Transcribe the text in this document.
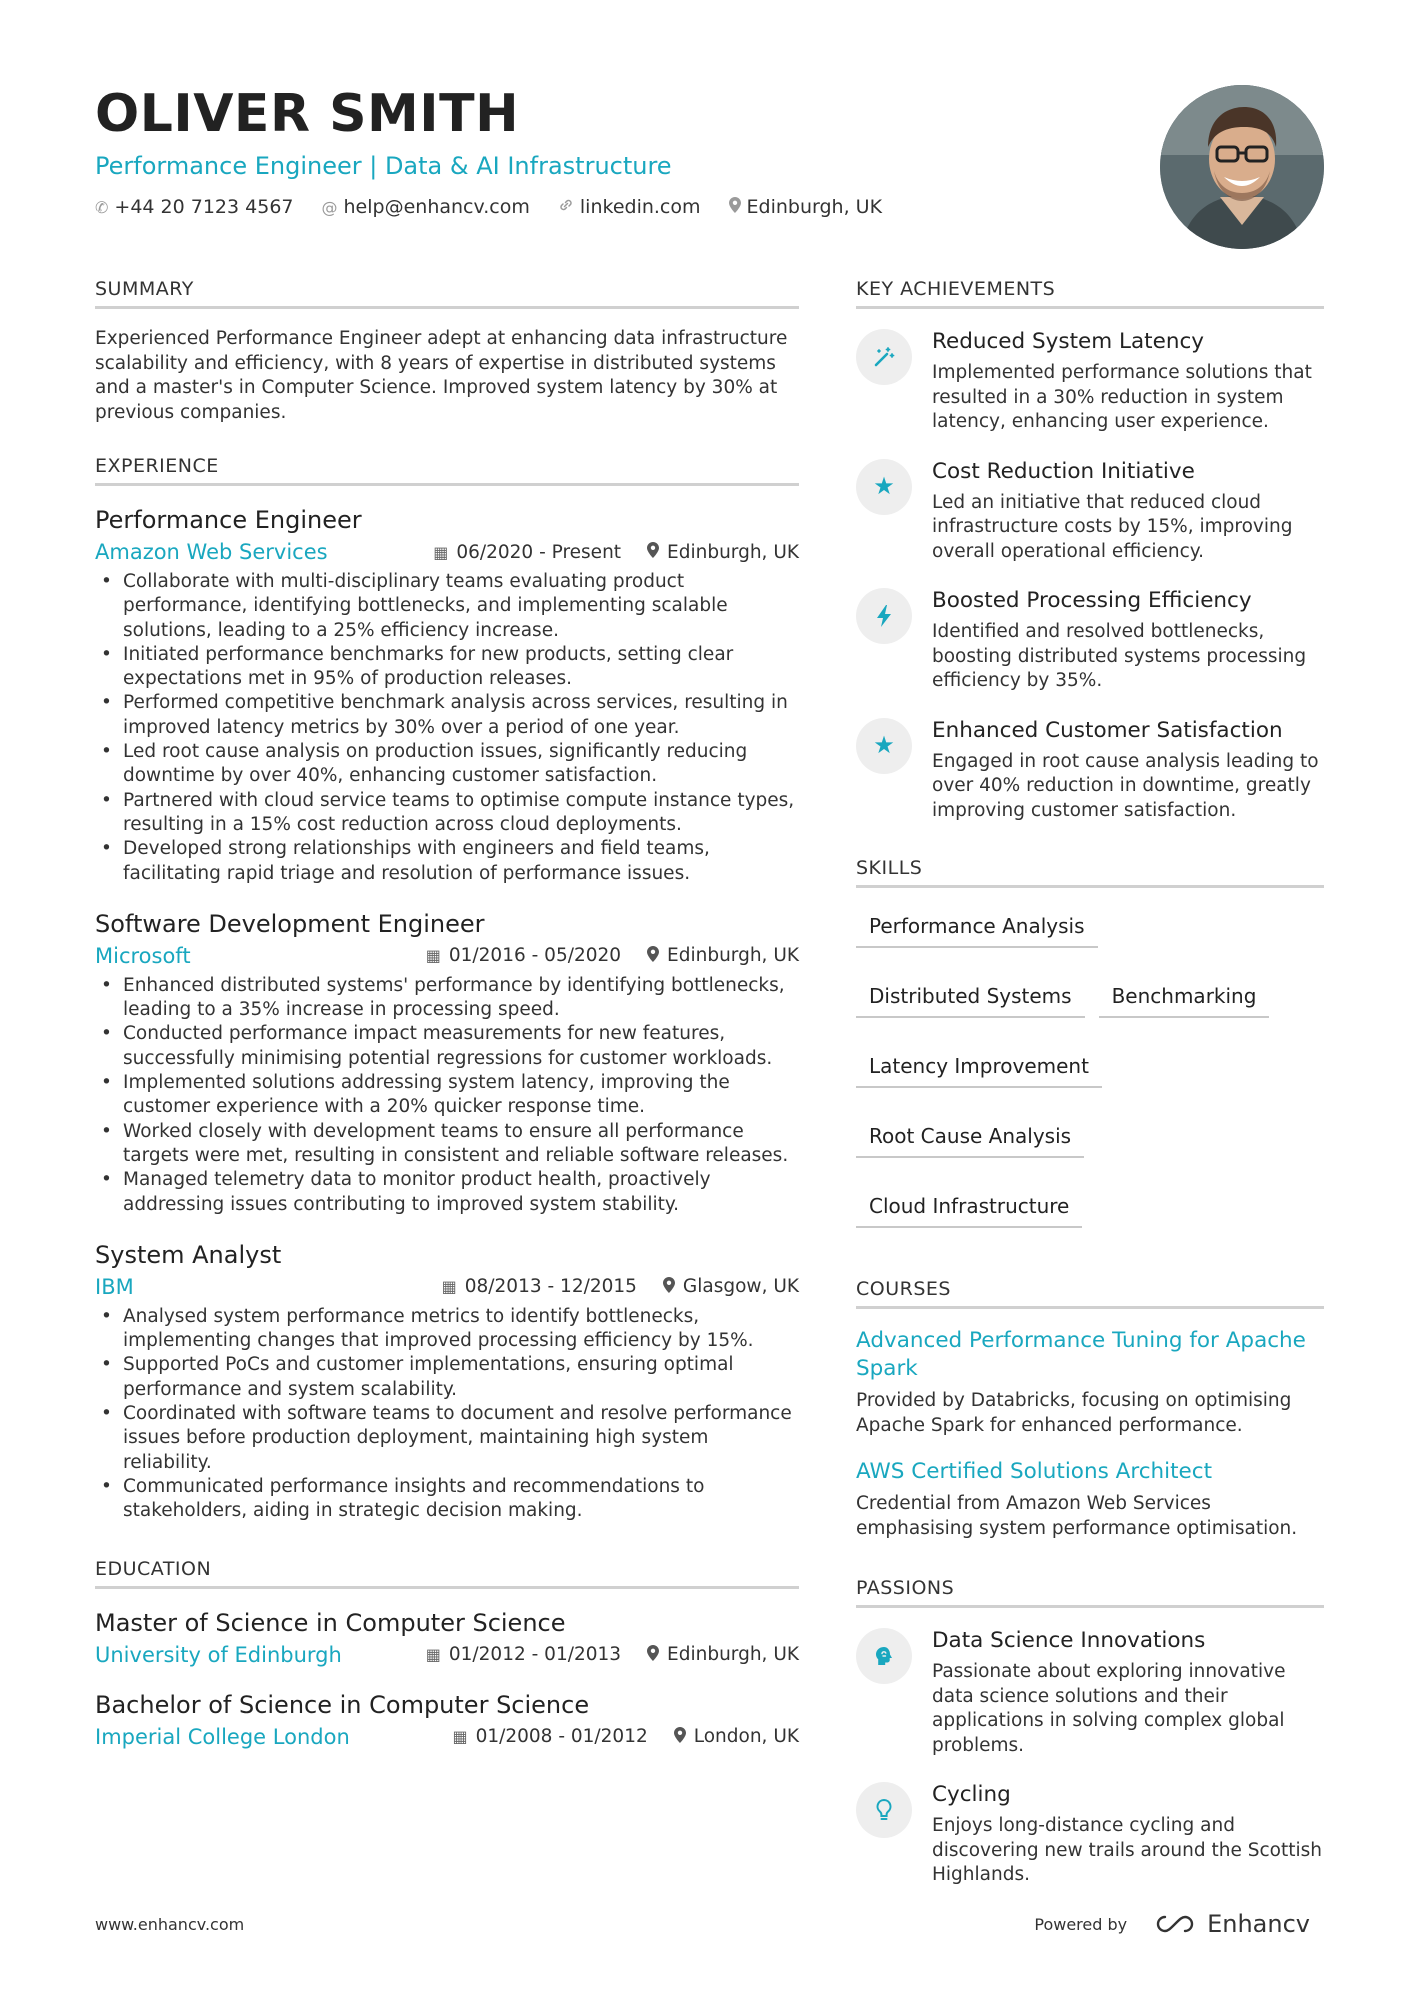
OLIVER SMITH
Performance Engineer | Data & AI Infrastructure
✆ +44 20 7123 4567 @ help@enhancv.com	linkedin.com Edinburgh, UK
SUMMARY
Experienced Performance Engineer adept at enhancing data infrastructure scalability and efficiency, with 8 years of expertise in distributed systems and a master's in Computer Science. Improved system latency by 30% at previous companies.
EXPERIENCE
Performance Engineer
Amazon Web Services	▦ 06/2020 - Present Edinburgh, UK
• Collaborate with multi-disciplinary teams evaluating product performance, identifying bottlenecks, and implementing scalable solutions, leading to a 25% efficiency increase.
• Initiated performance benchmarks for new products, setting clear expectations met in 95% of production releases.
• Performed competitive benchmark analysis across services, resulting in improved latency metrics by 30% over a period of one year.
• Led root cause analysis on production issues, significantly reducing downtime by over 40%, enhancing customer satisfaction.
• Partnered with cloud service teams to optimise compute instance types, resulting in a 15% cost reduction across cloud deployments.
• Developed strong relationships with engineers and field teams, facilitating rapid triage and resolution of performance issues.
Software Development Engineer
Microsoft	▦ 01/2016 - 05/2020 Edinburgh, UK
• Enhanced distributed systems' performance by identifying bottlenecks, leading to a 35% increase in processing speed.
• Conducted performance impact measurements for new features, successfully minimising potential regressions for customer workloads.
• Implemented solutions addressing system latency, improving the customer experience with a 20% quicker response time.
• Worked closely with development teams to ensure all performance targets were met, resulting in consistent and reliable software releases.
• Managed telemetry data to monitor product health, proactively addressing issues contributing to improved system stability.
System Analyst
IBM	▦ 08/2013 - 12/2015 Glasgow, UK
• Analysed system performance metrics to identify bottlenecks, implementing changes that improved processing efficiency by 15%.
• Supported PoCs and customer implementations, ensuring optimal performance and system scalability.
• Coordinated with software teams to document and resolve performance issues before production deployment, maintaining high system reliability.
• Communicated performance insights and recommendations to stakeholders, aiding in strategic decision making.
EDUCATION
Master of Science in Computer Science
University of Edinburgh	▦ 01/2012 - 01/2013 Edinburgh, UK
Bachelor of Science in Computer Science
Imperial College London	▦ 01/2008 - 01/2012 London, UK
KEY ACHIEVEMENTS
Reduced System Latency
Implemented performance solutions that resulted in a 30% reduction in system latency, enhancing user experience.
★
Cost Reduction Initiative
Led an initiative that reduced cloud infrastructure costs by 15%, improving overall operational efficiency.
Boosted Processing Efficiency
Identified and resolved bottlenecks, boosting distributed systems processing efficiency by 35%.
★
Enhanced Customer Satisfaction
Engaged in root cause analysis leading to over 40% reduction in downtime, greatly improving customer satisfaction.
SKILLS
Performance Analysis
Distributed Systems	Benchmarking
Latency Improvement
Root Cause Analysis
Cloud Infrastructure
COURSES
Advanced Performance Tuning for Apache Spark
Provided by Databricks, focusing on optimising Apache Spark for enhanced performance.
AWS Certified Solutions Architect
Credential from Amazon Web Services emphasising system performance optimisation.
PASSIONS
Data Science Innovations
Passionate about exploring innovative data science solutions and their applications in solving complex global problems.
Cycling
Enjoys long-distance cycling and discovering new trails around the Scottish Highlands.
www.enhancv.com	Powered by	Enhancv
